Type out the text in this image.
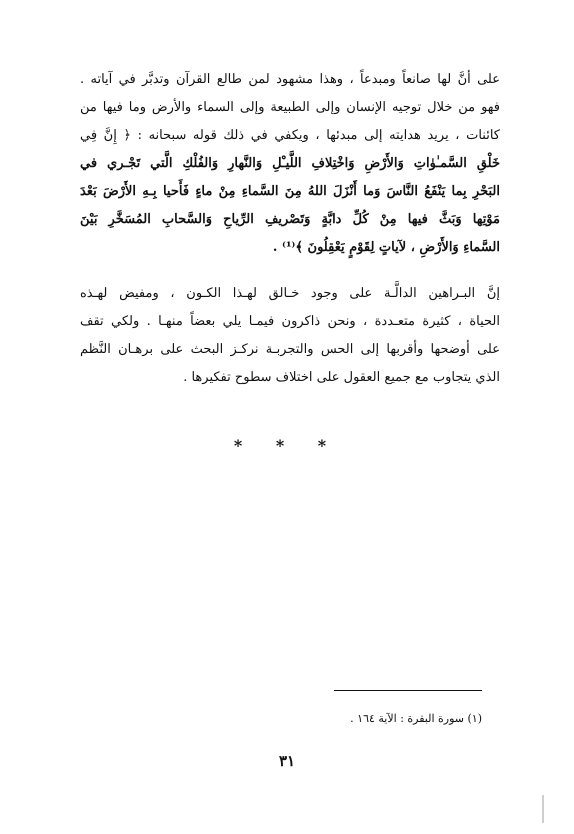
على أنَّ لها صانعاً ومبدعاً ، وهذا مشهود لمن طالع القرآن وتدبَّر في آياته .
فهو من خلال توجيه الإنسان وإلى الطبيعة وإلى السماء والأرض وما فيها من
كائنات ، يريد هدايته إلى مبدئها ، ويكفي في ذلك قوله سبحانه : ﴿ إِنَّ فِي
خَلْقِ السَّمـٰوٰاتِ وَالأَرْضِ وَاخْتِلافِ اللَّيـْلِ وَالنَّهارِ وَالفُلْكِ الَّتي تَجْـري في
البَحْرِ بِما يَنْفَعُ النَّاسَ وَما أَنْزَلَ اللهُ مِنَ السَّماءِ مِنْ ماءٍ فَأَحيا بِـهِ الأَرْضَ بَعْدَ
مَوْتِها وَبَثَّ فيها مِنْ كُلِّ دابَّةٍ وَتَصْريفِ الرِّياحِ وَالسَّحابِ المُسَخَّرِ بَيْنَ
السَّماءِ وَالأَرْضِ ، لآياتٍ لِقَوْمٍ يَعْقِلُونَ ﴾⁽¹⁾ .
إنَّ البـراهين الدالَّـة على وجود خـالق لهـذا الكـون ، ومفيض لهـذه
الحياة ، كثيرة متعـددة ، ونحن ذاكرون فيمـا يلي بعضاً منهـا . ولكي تقف
على أوضحها وأقربها إلى الحس والتجربـة نركـز البحث على برهـان النَّظم
الذي يتجاوب مع جميع العقول على اختلاف سطوح تفكيرها .
* * *
(١) سورة البقرة : الآية ١٦٤ .
٣١
